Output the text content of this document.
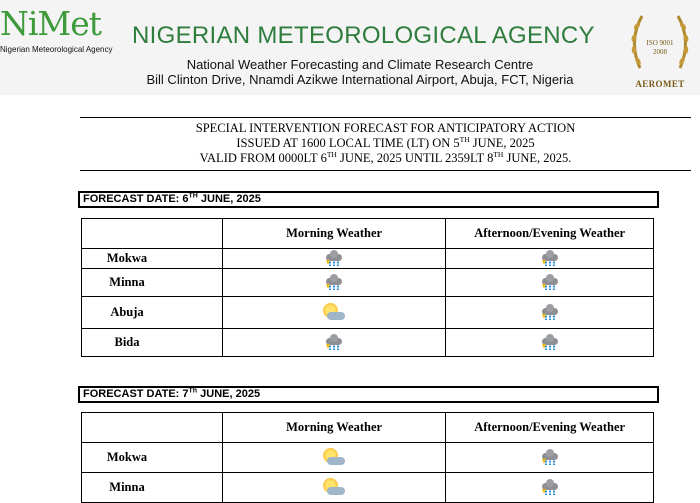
NiMet
Nigerian Meteorological Agency
NIGERIAN METEOROLOGICAL AGENCY
National Weather Forecasting and Climate Research Centre
Bill Clinton Drive, Nnamdi Azikwe International Airport, Abuja, FCT, Nigeria
ISO 9001
2008
AEROMET
SPECIAL INTERVENTION FORECAST FOR ANTICIPATORY ACTION
ISSUED AT 1600 LOCAL TIME (LT) ON 5TH JUNE, 2025
VALID FROM 0000LT 6TH JUNE, 2025 UNTIL 2359LT 8TH JUNE, 2025.
FORECAST DATE: 6TH JUNE, 2025
	Morning Weather	Afternoon/Evening Weather
Mokwa	

Minna	

Abuja	

Bida	

FORECAST DATE: 7Th JUNE, 2025
	Morning Weather	Afternoon/Evening Weather
Mokwa	

Minna	
